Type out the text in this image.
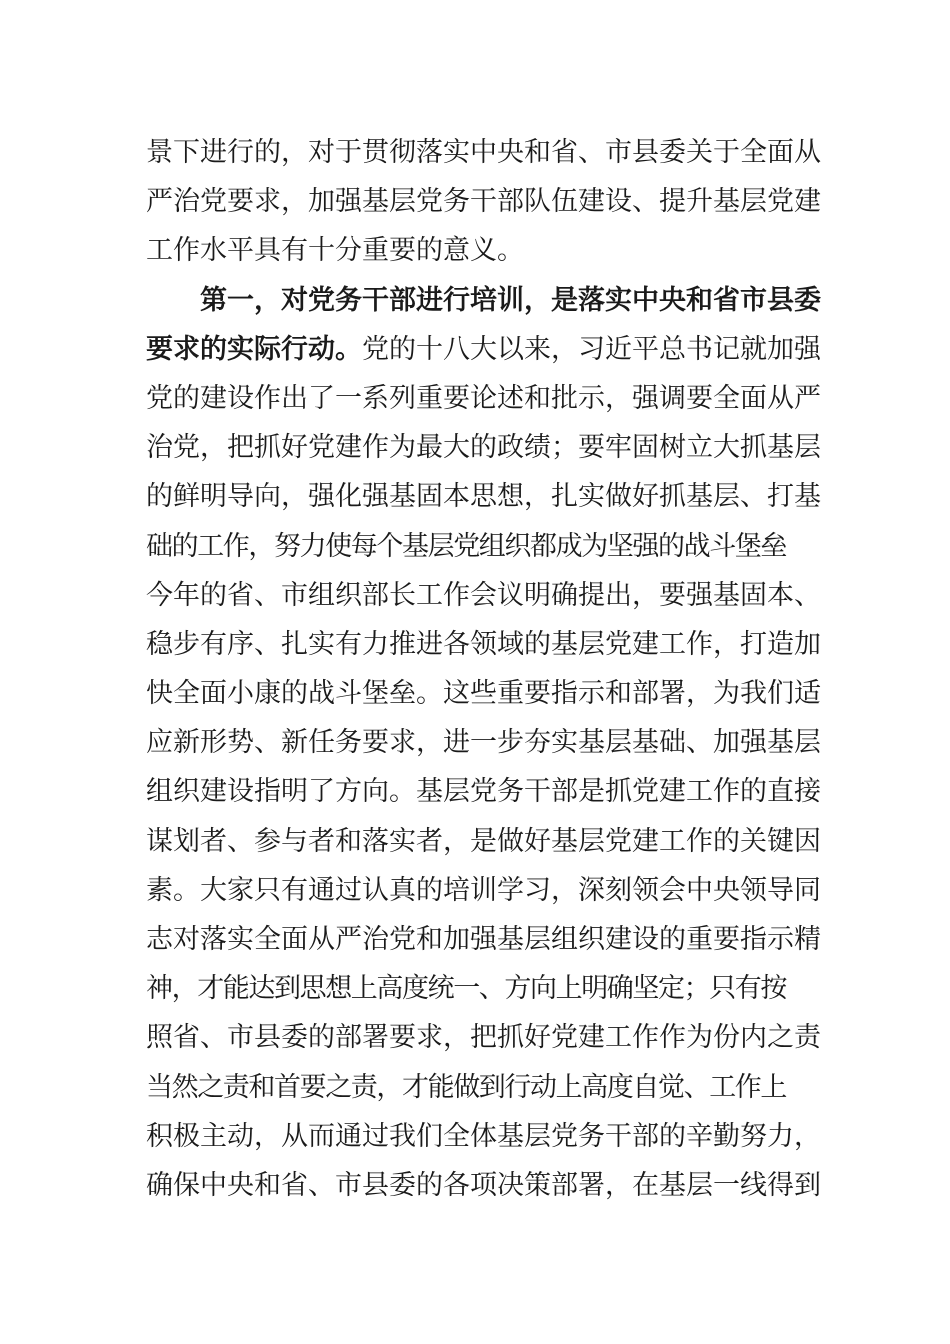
景下进行的，对于贯彻落实中央和省、市县委关于全面从
严治党要求，加强基层党务干部队伍建设、提升基层党建
工作水平具有十分重要的意义。
第一，对党务干部进行培训，是落实中央和省市县委
要求的实际行动。党的十八大以来，习近平总书记就加强
党的建设作出了一系列重要论述和批示，强调要全面从严
治党，把抓好党建作为最大的政绩；要牢固树立大抓基层
的鲜明导向，强化强基固本思想，扎实做好抓基层、打基
础的工作，努力使每个基层党组织都成为坚强的战斗堡垒
今年的省、市组织部长工作会议明确提出，要强基固本、
稳步有序、扎实有力推进各领域的基层党建工作，打造加
快全面小康的战斗堡垒。这些重要指示和部署，为我们适
应新形势、新任务要求，进一步夯实基层基础、加强基层
组织建设指明了方向。基层党务干部是抓党建工作的直接
谋划者、参与者和落实者，是做好基层党建工作的关键因
素。大家只有通过认真的培训学习，深刻领会中央领导同
志对落实全面从严治党和加强基层组织建设的重要指示精
神，才能达到思想上高度统一、方向上明确坚定；只有按
照省、市县委的部署要求，把抓好党建工作作为份内之责
当然之责和首要之责，才能做到行动上高度自觉、工作上
积极主动，从而通过我们全体基层党务干部的辛勤努力，
确保中央和省、市县委的各项决策部署，在基层一线得到
